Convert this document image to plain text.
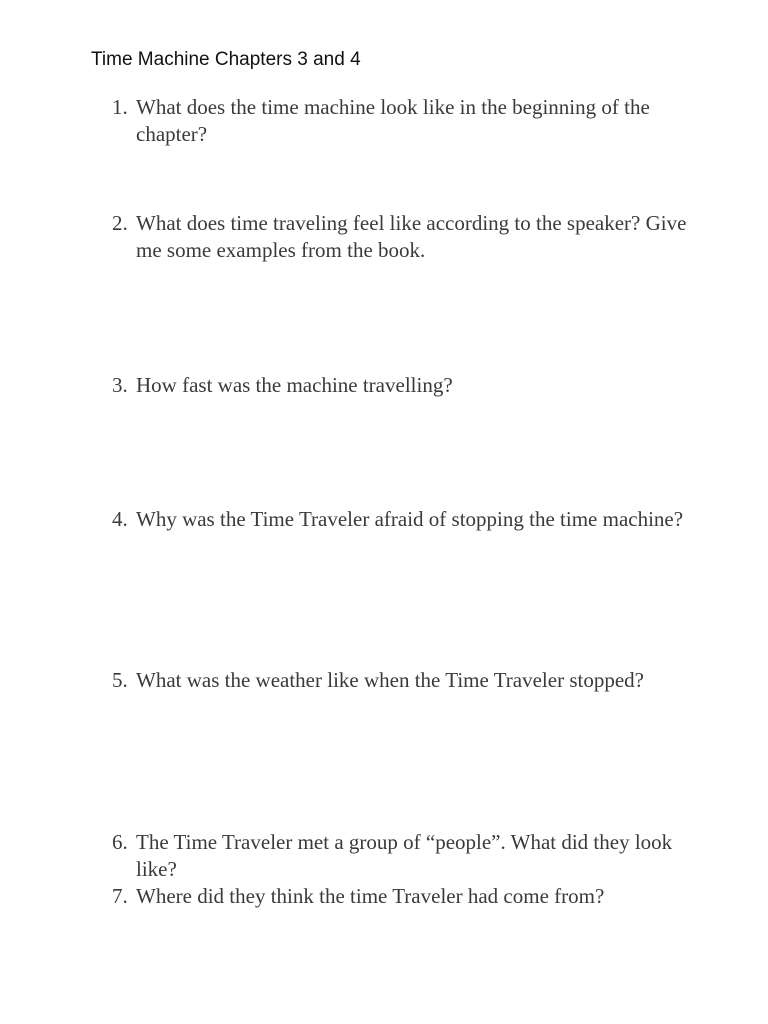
Time Machine Chapters 3 and 4
1. What does the time machine look like in the beginning of the chapter?
2. What does time traveling feel like according to the speaker? Give me some examples from the book.
3. How fast was the machine travelling?
4. Why was the Time Traveler afraid of stopping the time machine?
5. What was the weather like when the Time Traveler stopped?
6. The Time Traveler met a group of “people”. What did they look like?
7. Where did they think the time Traveler had come from?
